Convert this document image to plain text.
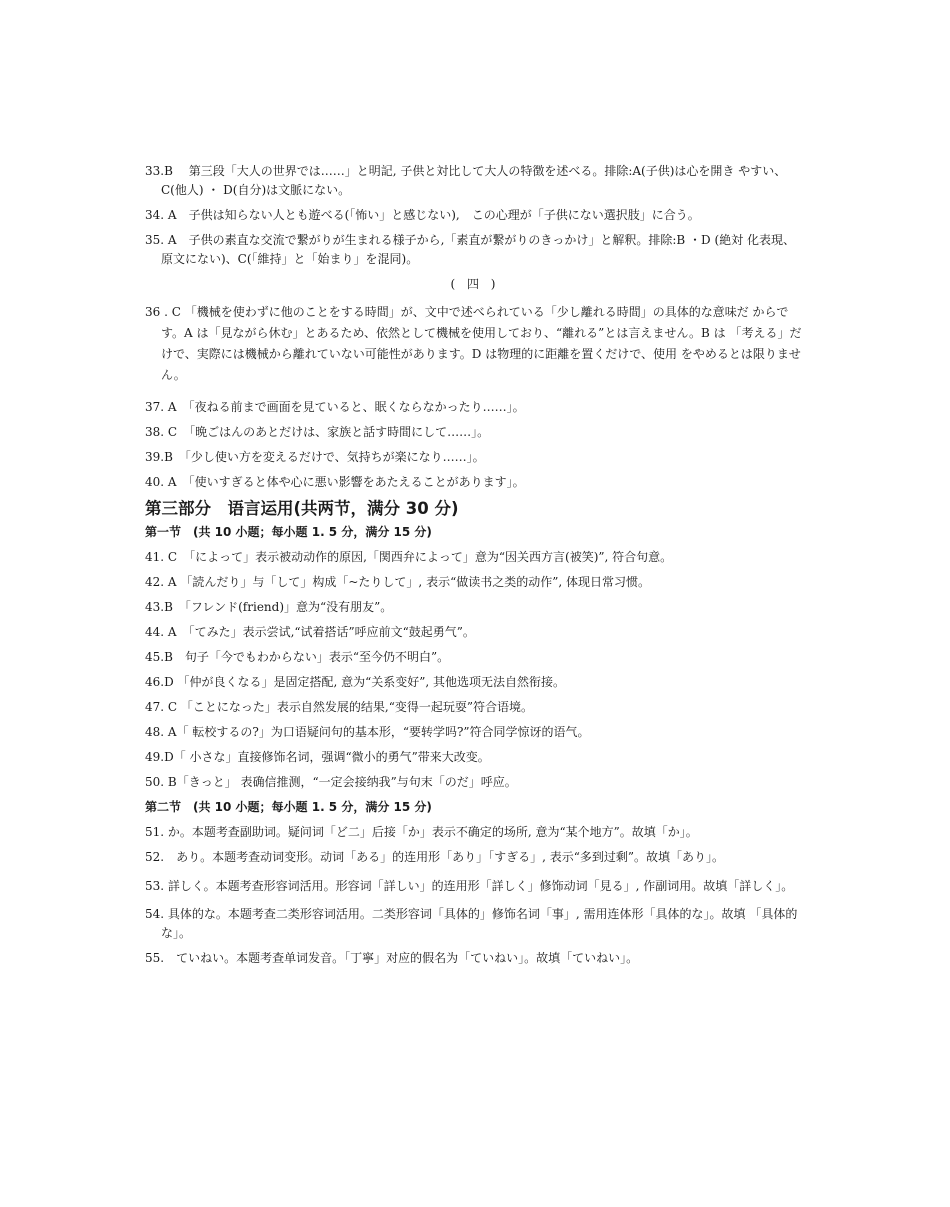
33.B　 第三段「大人の世界では……」と明記, 子供と対比して大人の特徴を述べる。排除:A(子供)は心を開き やすい、C(他人) ・ D(自分)は文脈にない。
34. A　子供は知らない人とも遊べる(「怖い」と感じない),　この心理が「子供にない選択肢」に合う。
35. A　子供の素直な交流で繋がりが生まれる様子から,「素直が繋がりのきっかけ」と解釈。排除:B ・D (絶対 化表現、原文にない)、C(「維持」と「始まり」を混同)。
( 四 )
36 . C 「機械を使わずに他のことをする時間」が、文中で述べられている「少し離れる時間」の具体的な意味だ からです。A は「見ながら休む」とあるため、依然として機械を使用しており、“離れる”とは言えません。B は 「考える」だけで、実際には機械から離れていない可能性があります。D は物理的に距離を置くだけで、使用 をやめるとは限りません。
37. A　「夜ねる前まで画面を見ていると、眠くならなかったり……」。
38. C　「晩ごはんのあとだけは、家族と話す時間にして……」。
39.B　「少し使い方を変えるだけで、気持ちが楽になり……」。
40. A　「使いすぎると体や心に悪い影響をあたえることがあります」。
第三部分　语言运用(共两节，满分 30 分)
第一节　(共 10 小题；每小题 1. 5 分，满分 15 分)
41. C　「によって」表示被动动作的原因,「関西弁によって」意为“因关西方言(被笑)”, 符合句意。
42. A 「読んだり」与「して」构成「~たりして」, 表示“做读书之类的动作”, 体现日常习惯。
43.B　「フレンド(friend)」意为“没有朋友”。
44. A　「てみた」表示尝试,“试着搭话”呼应前文“鼓起勇气”。
45.B　句子「今でもわからない」表示“至今仍不明白”。
46.D 「仲が良くなる」是固定搭配, 意为“关系变好”, 其他选项无法自然衔接。
47. C 「ことになった」表示自然发展的结果,“变得一起玩耍”符合语境。
48. A「 転校するの?」为口语疑问句的基本形，“要转学吗?”符合同学惊讶的语气。
49.D「 小さな」直接修饰名词，强调“微小的勇气”带来大改变。
50. B「きっと」 表确信推测，“一定会接纳我”与句末「のだ」呼应。
第二节　(共 10 小题；每小题 1. 5 分，满分 15 分)
51. か。本题考查副助词。疑问词「ど二」后接「か」表示不确定的场所, 意为“某个地方”。故填「か」。
52.　あり。本题考查动词变形。动词「ある」的连用形「あり」「すぎる」, 表示“多到过剩”。故填「あり」。
53. 詳しく。本题考查形容词活用。形容词「詳しい」的连用形「詳しく」修饰动词「見る」, 作副词用。故填「詳しく」。
54. 具体的な。本题考查二类形容词活用。二类形容词「具体的」修饰名词「事」, 需用连体形「具体的な」。故填 「具体的な」。
55.　ていねい。本题考查单词发音。「丁寧」对应的假名为「ていねい」。故填「ていねい」。
